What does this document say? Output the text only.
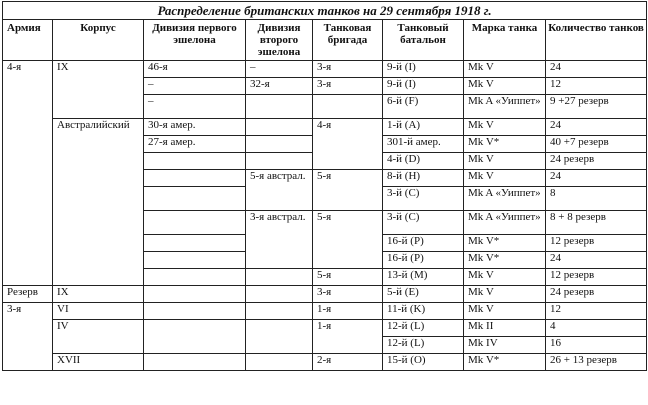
Распределение британских танков на 29 сентября 1918 г.							
Армия	Корпус	Дивизия первого эшелона	Дивизия второго эшелона	Танковая бригада	Танковый батальон	Марка танка	Количество танков
4-я	IX	46-я	–	3-я	9-й (I)	Mk V	24
		–	32-я	3-я	9-й (I)	Mk V	12
		–			6-й (F)	Mk A «Уиппет»	9 +27 резерв
	Австралийский	30-я амер.		4-я	1-й (A)	Mk V	24
		27-я амер.			301-й амер.	Mk V*	40 +7 резерв
					4-й (D)	Mk V	24 резерв
			5-я австрал.	5-я	8-й (H)	Mk V	24
					3-й (C)	Mk A «Уиппет»	8
			3-я австрал.	5-я	3-й (C)	Mk A «Уиппет»	8 + 8 резерв
					16-й (P)	Mk V*	12 резерв
					16-й (P)	Mk V*	24
				5-я	13-й (M)	Mk V	12 резерв
Резерв	IX			3-я	5-й (E)	Mk V	24 резерв
3-я	VI			1-я	11-й (K)	Mk V	12
	IV			1-я	12-й (L)	Mk II	4
					12-й (L)	Mk IV	16
	XVII			2-я	15-й (O)	Mk V*	26 + 13 резерв
